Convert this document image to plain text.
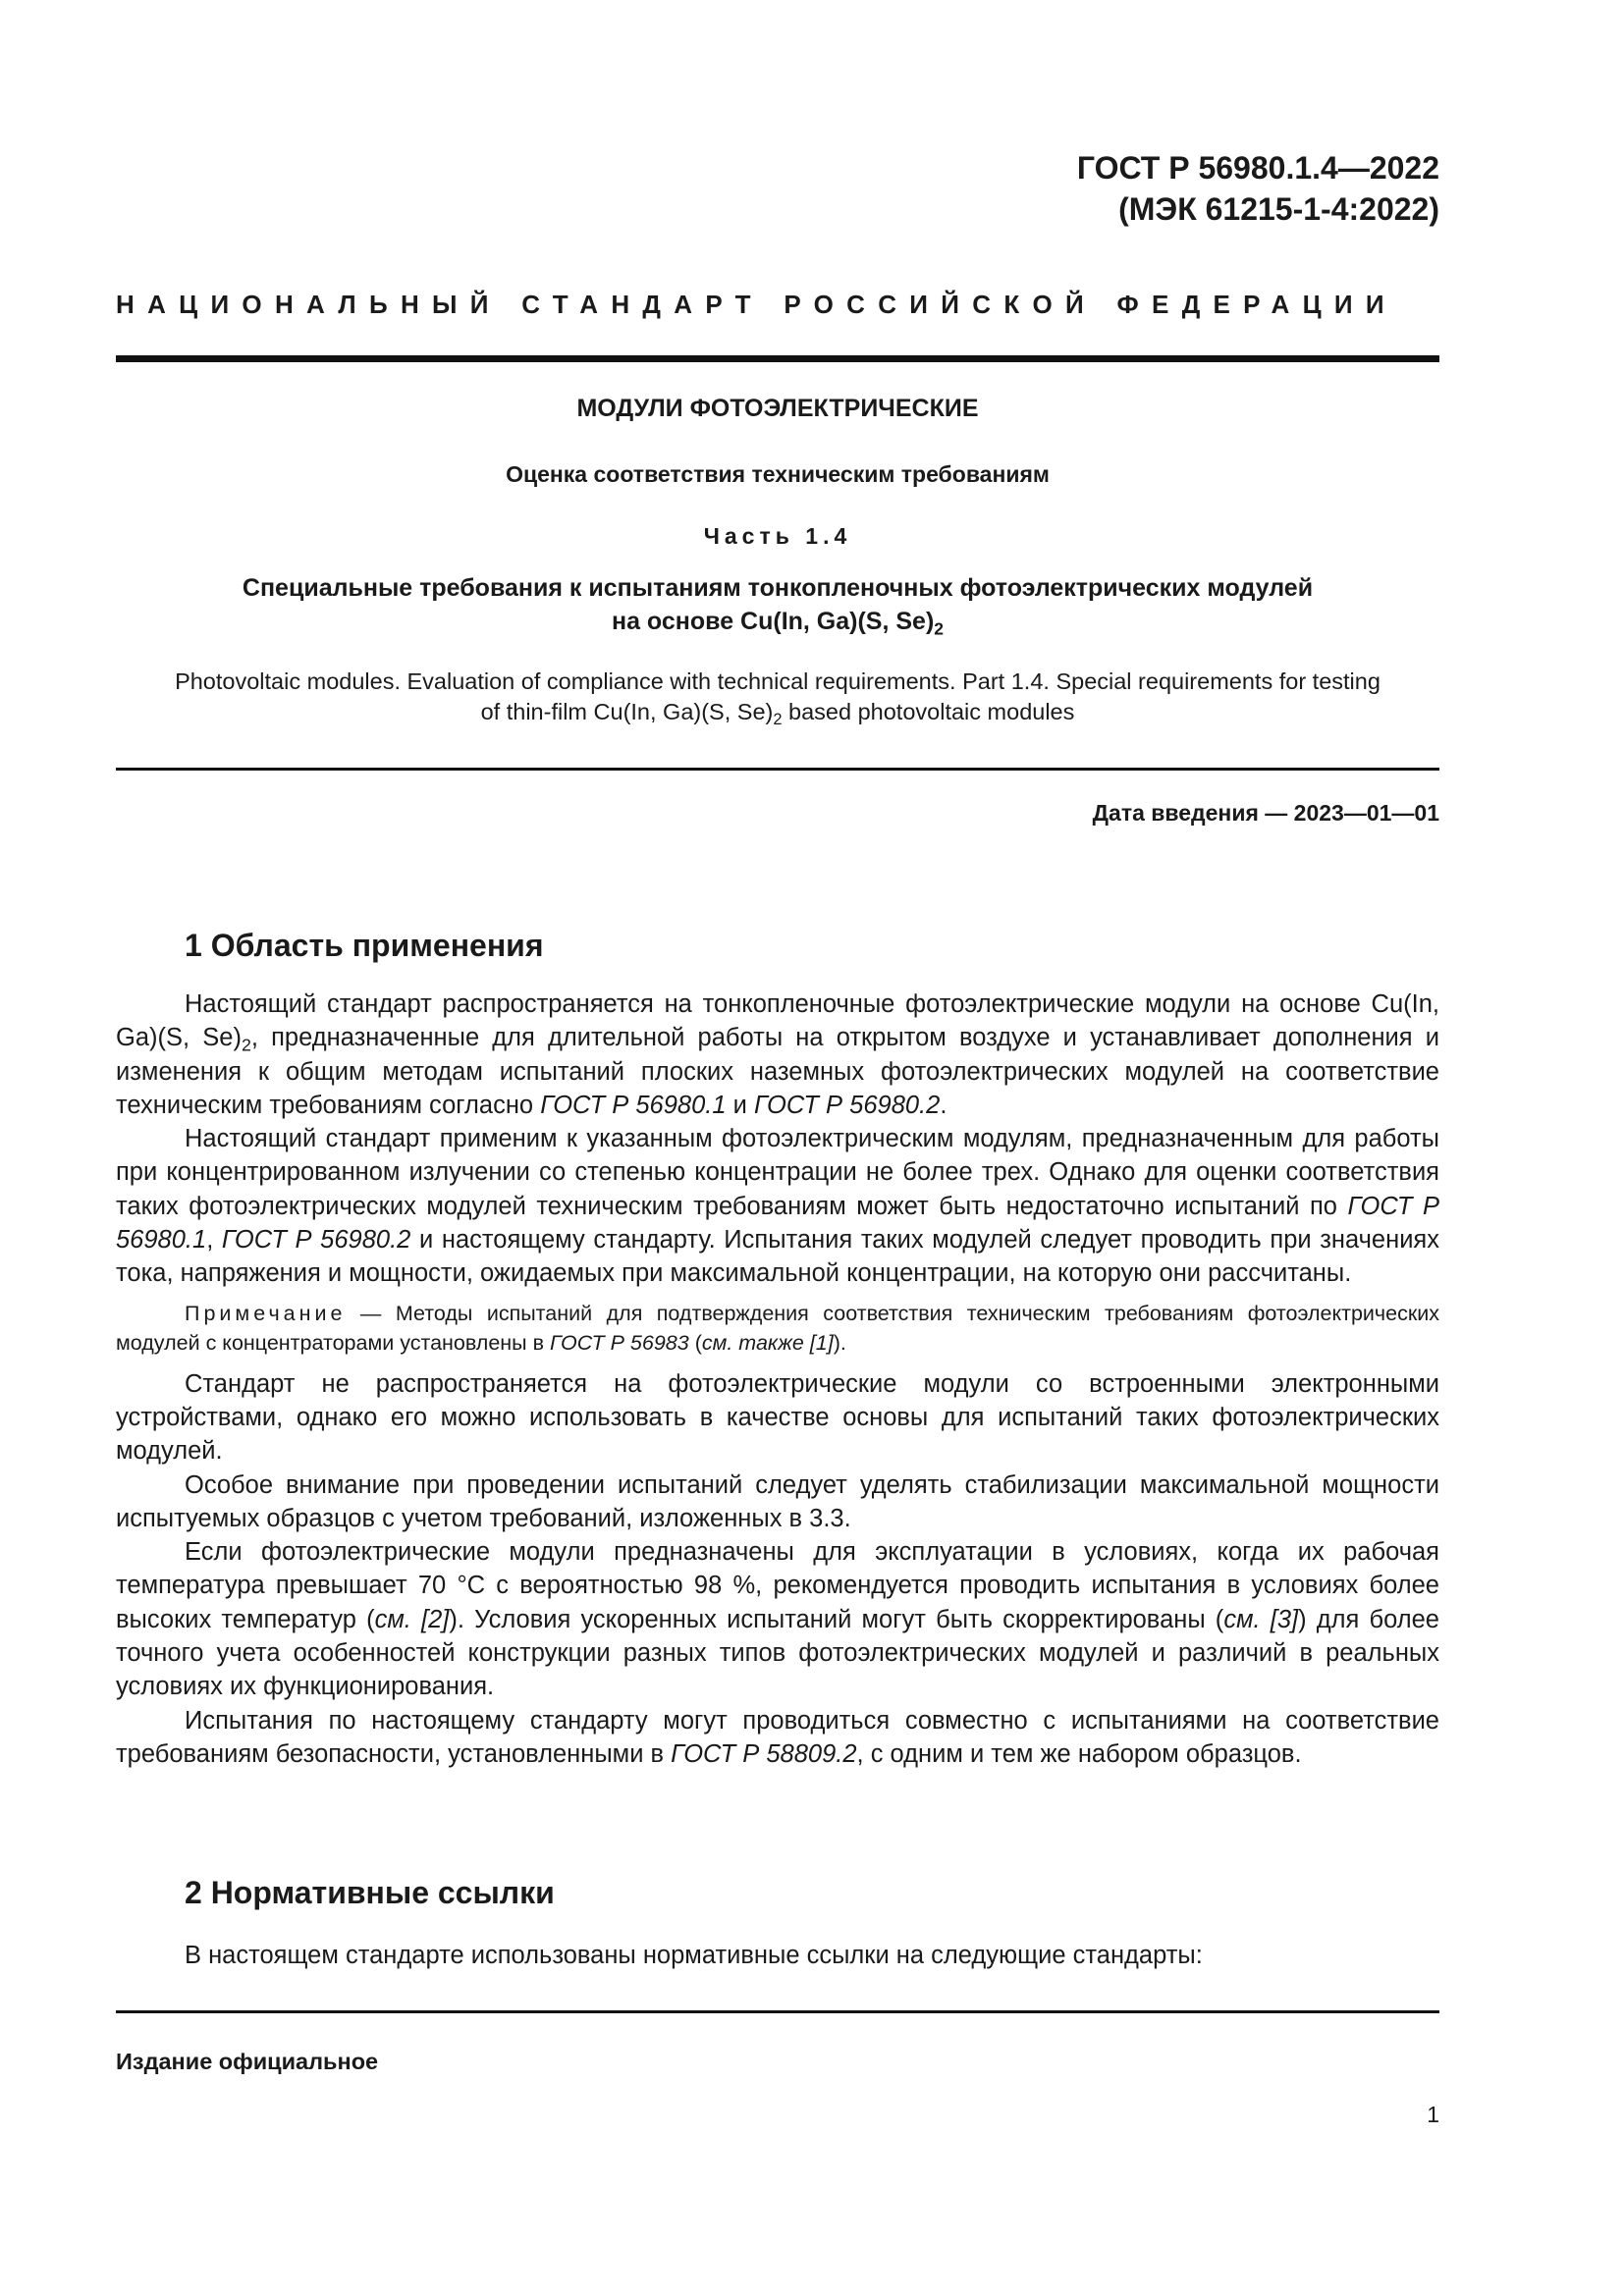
ГОСТ Р 56980.1.4—2022
(МЭК 61215-1-4:2022)
НАЦИОНАЛЬНЫЙ СТАНДАРТ РОССИЙСКОЙ ФЕДЕРАЦИИ
МОДУЛИ ФОТОЭЛЕКТРИЧЕСКИЕ
Оценка соответствия техническим требованиям
Часть 1.4
Специальные требования к испытаниям тонкопленочных фотоэлектрических модулей
на основе Cu(In, Ga)(S, $Se)_2$
Photovoltaic modules. Evaluation of compliance with technical requirements. Part 1.4. Special requirements for testing
of thin-film Cu(In, Ga)(S, $Se)_2$ based photovoltaic modules
Дата введения — 2023—01—01
1 Область применения

Настоящий стандарт распространяется на тонкопленочные фотоэлектрические модули на основе Cu(In, Ga)(S, $Se)_2$, предназначенные для длительной работы на открытом воздухе и устанавливает дополнения и изменения к общим методам испытаний плоских наземных фотоэлектрических модулей на соответствие техническим требованиям согласно ГОСТ Р 56980.1 и ГОСТ Р 56980.2.

Настоящий стандарт применим к указанным фотоэлектрическим модулям, предназначенным для работы при концентрированном излучении со степенью концентрации не более трех. Однако для оценки соответствия таких фотоэлектрических модулей техническим требованиям может быть недостаточно испытаний по ГОСТ Р 56980.1, ГОСТ Р 56980.2 и настоящему стандарту. Испытания таких модулей следует проводить при значениях тока, напряжения и мощности, ожидаемых при максимальной концентрации, на которую они рассчитаны.

Примечание — Методы испытаний для подтверждения соответствия техническим требованиям фотоэлектрических модулей с концентраторами установлены в ГОСТ Р 56983 (см. также [1]).

Стандарт не распространяется на фотоэлектрические модули со встроенными электронными устройствами, однако его можно использовать в качестве основы для испытаний таких фотоэлектрических модулей.

Особое внимание при проведении испытаний следует уделять стабилизации максимальной мощности испытуемых образцов с учетом требований, изложенных в 3.3.

Если фотоэлектрические модули предназначены для эксплуатации в условиях, когда их рабочая температура превышает 70 °С с вероятностью 98 %, рекомендуется проводить испытания в условиях более высоких температур (см. [2]). Условия ускоренных испытаний могут быть скорректированы (см. [3]) для более точного учета особенностей конструкции разных типов фотоэлектрических модулей и различий в реальных условиях их функционирования.

Испытания по настоящему стандарту могут проводиться совместно с испытаниями на соответствие требованиям безопасности, установленными в ГОСТ Р 58809.2, с одним и тем же набором образцов.

2 Нормативные ссылки

В настоящем стандарте использованы нормативные ссылки на следующие стандарты:

Издание официальное
1
